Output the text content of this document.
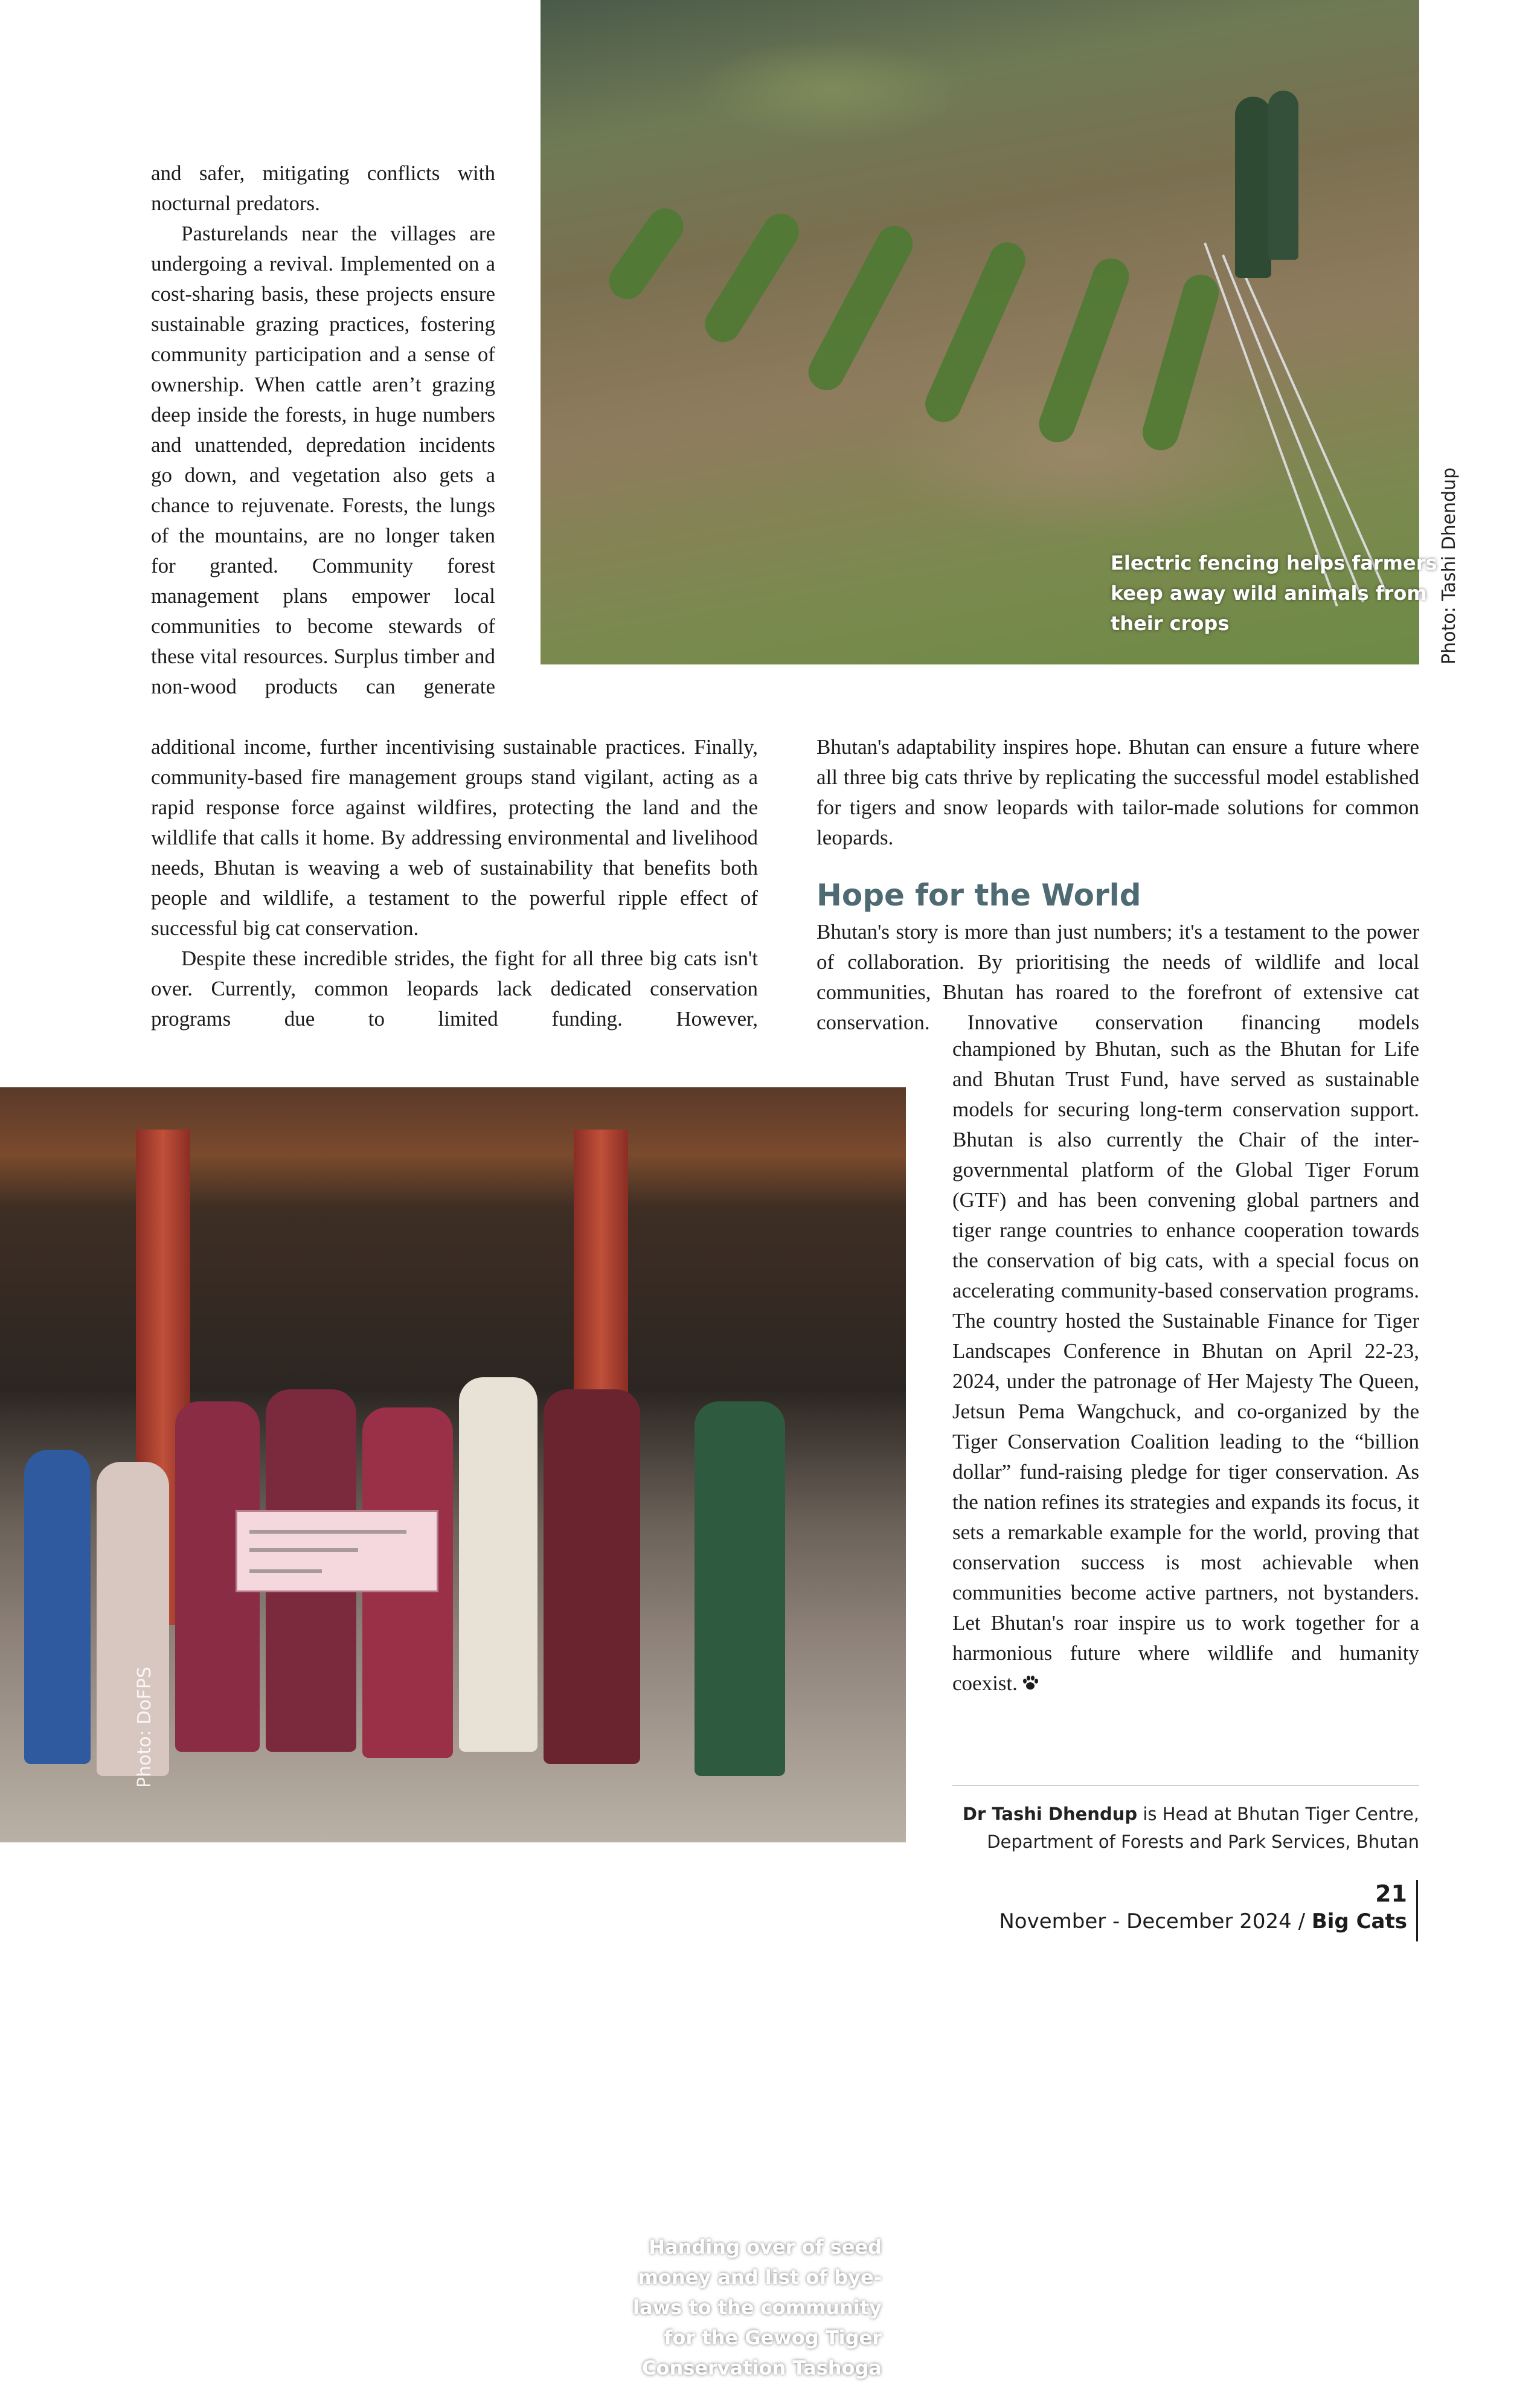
Electric fencing helps farmers keep away wild animals from their crops	Photo: Tashi Dhendup

and safer, mitigating conflicts with nocturnal predators.

Pasturelands near the villages are undergoing a revival. Implemented on a cost-sharing basis, these projects ensure sustainable grazing practices, fostering community participation and a sense of ownership. When cattle aren’t grazing deep inside the forests, in huge numbers and unattended, depredation incidents go down, and vegetation also gets a chance to rejuvenate. Forests, the lungs of the mountains, are no longer taken for granted. Community forest management plans empower local communities to become stewards of these vital resources. Surplus timber and non-wood products can generate

additional income, further incentivising sustainable practices. Finally, community-based fire management groups stand vigilant, acting as a rapid response force against wildfires, protecting the land and the wildlife that calls it home. By addressing environmental and livelihood needs, Bhutan is weaving a web of sustainability that benefits both people and wildlife, a testament to the powerful ripple effect of successful big cat conservation.

Despite these incredible strides, the fight for all three big cats isn't over. Currently, common leopards lack dedicated conservation programs due to limited funding. However,

Bhutan's adaptability inspires hope. Bhutan can ensure a future where all three big cats thrive by replicating the successful model established for tigers and snow leopards with tailor-made solutions for common leopards.

Hope for the World

Bhutan's story is more than just numbers; it's a testament to the power of collaboration. By prioritising the needs of wildlife and local communities, Bhutan has roared to the forefront of extensive cat conservation. Innovative conservation financing models

championed by Bhutan, such as the Bhutan for Life and Bhutan Trust Fund, have served as sustainable models for securing long-term conservation support. Bhutan is also currently the Chair of the inter-governmental platform of the Global Tiger Forum (GTF) and has been convening global partners and tiger range countries to enhance cooperation towards the conservation of big cats, with a special focus on accelerating community-based conservation programs. The country hosted the Sustainable Finance for Tiger Landscapes Conference in Bhutan on April 22-23, 2024, under the patronage of Her Majesty The Queen, Jetsun Pema Wangchuck, and co-organized by the Tiger Conservation Coalition leading to the “billion dollar” fund-raising pledge for tiger conservation. As the nation refines its strategies and expands its focus, it sets a remarkable example for the world, proving that conservation success is most achievable when communities become active partners, not bystanders. Let Bhutan's roar inspire us to work together for a harmonious future where wildlife and humanity coexist.

Handing over of seed money and list of bye-laws to the community for the Gewog Tiger Conservation Tashoga
Photo: DoFPS
Dr Tashi Dhendup is Head at Bhutan Tiger Centre, Department of Forests and Park Services, Bhutan
21
November - December 2024 / Big Cats
